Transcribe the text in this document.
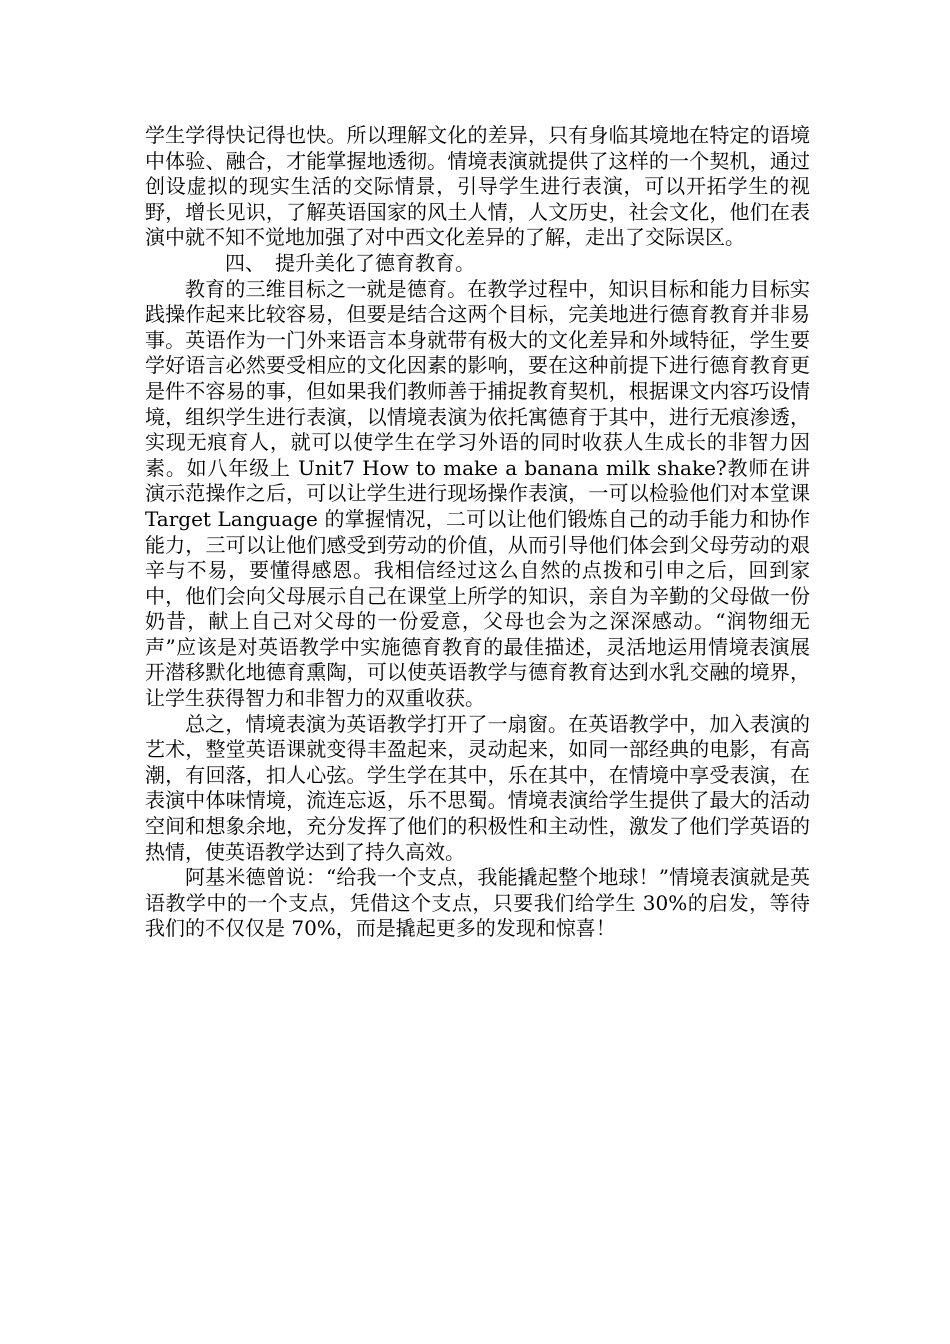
学生学得快记得也快。所以理解文化的差异，只有身临其境地在特定的语境中体验、融合，才能掌握地透彻。情境表演就提供了这样的一个契机，通过创设虚拟的现实生活的交际情景，引导学生进行表演，可以开拓学生的视野，增长见识，了解英语国家的风土人情，人文历史，社会文化，他们在表演中就不知不觉地加强了对中西文化差异的了解，走出了交际误区。

四、　提升美化了德育教育。

教育的三维目标之一就是德育。在教学过程中，知识目标和能力目标实践操作起来比较容易，但要是结合这两个目标，完美地进行德育教育并非易事。英语作为一门外来语言本身就带有极大的文化差异和外域特征，学生要学好语言必然要受相应的文化因素的影响，要在这种前提下进行德育教育更是件不容易的事，但如果我们教师善于捕捉教育契机，根据课文内容巧设情境，组织学生进行表演，以情境表演为依托寓德育于其中，进行无痕渗透，实现无痕育人，就可以使学生在学习外语的同时收获人生成长的非智力因素。如八年级上 Unit7 How to make a banana milk shake?教师在讲演示范操作之后，可以让学生进行现场操作表演，一可以检验他们对本堂课 Target Language 的掌握情况，二可以让他们锻炼自己的动手能力和协作能力，三可以让他们感受到劳动的价值，从而引导他们体会到父母劳动的艰辛与不易，要懂得感恩。我相信经过这么自然的点拨和引申之后，回到家中，他们会向父母展示自己在课堂上所学的知识，亲自为辛勤的父母做一份奶昔，献上自己对父母的一份爱意，父母也会为之深深感动。“润物细无声”应该是对英语教学中实施德育教育的最佳描述，灵活地运用情境表演展开潜移默化地德育熏陶，可以使英语教学与德育教育达到水乳交融的境界，让学生获得智力和非智力的双重收获。

总之，情境表演为英语教学打开了一扇窗。在英语教学中，加入表演的艺术，整堂英语课就变得丰盈起来，灵动起来，如同一部经典的电影，有高潮，有回落，扣人心弦。学生学在其中，乐在其中，在情境中享受表演，在表演中体味情境，流连忘返，乐不思蜀。情境表演给学生提供了最大的活动空间和想象余地，充分发挥了他们的积极性和主动性，激发了他们学英语的热情，使英语教学达到了持久高效。

阿基米德曾说：“给我一个支点，我能撬起整个地球！”情境表演就是英语教学中的一个支点，凭借这个支点，只要我们给学生 30%的启发，等待我们的不仅仅是 70%，而是撬起更多的发现和惊喜！
